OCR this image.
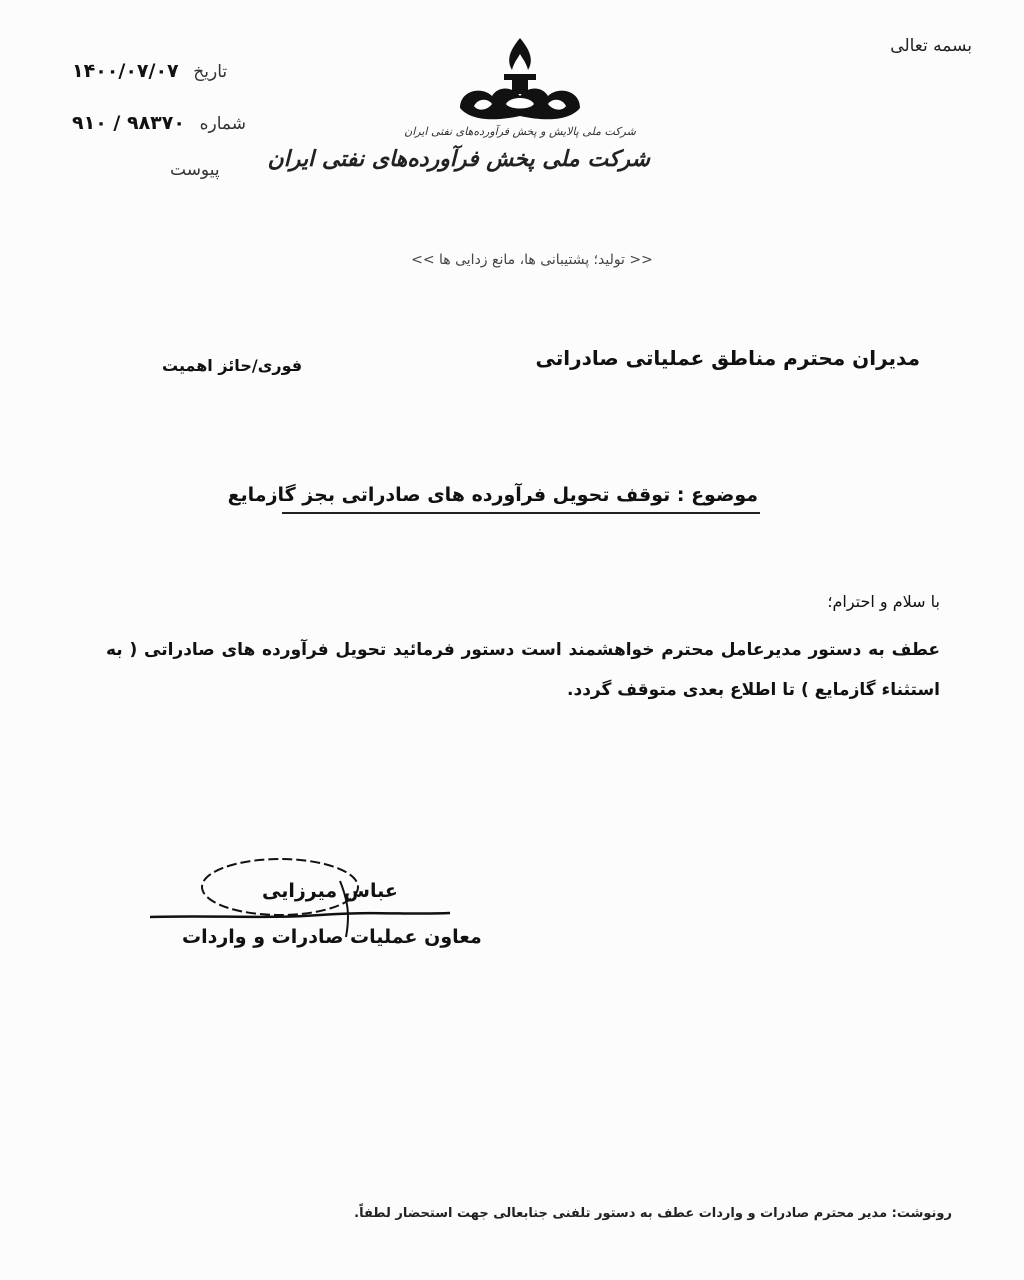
بسمه تعالی
تاریخ ۱۴۰۰/۰۷/۰۷
شماره ۹۸۳۷۰ / ۹۱۰
پیوست
شرکت ملی پالایش و پخش فرآورده‌های نفتی ایران
شرکت ملی پخش فرآورده‌های نفتی ایران
<< تولید؛ پشتیبانی ها، مانع زدایی ها >>
مدیران محترم مناطق عملیاتی صادراتی
فوری/حائز اهمیت
موضوع : توقف تحویل فرآورده های صادراتی بجز گازمایع
با سلام و احترام؛
عطف به دستور مدیرعامل محترم خواهشمند است دستور فرمائید تحویل فرآورده های صادراتی ( به استثناء گازمایع ) تا اطلاع بعدی متوقف گردد.
عباس میرزایی
معاون عملیات صادرات و واردات
رونوشت: مدیر محترم صادرات و واردات عطف به دستور تلفنی جنابعالی جهت استحضار لطفاً.
